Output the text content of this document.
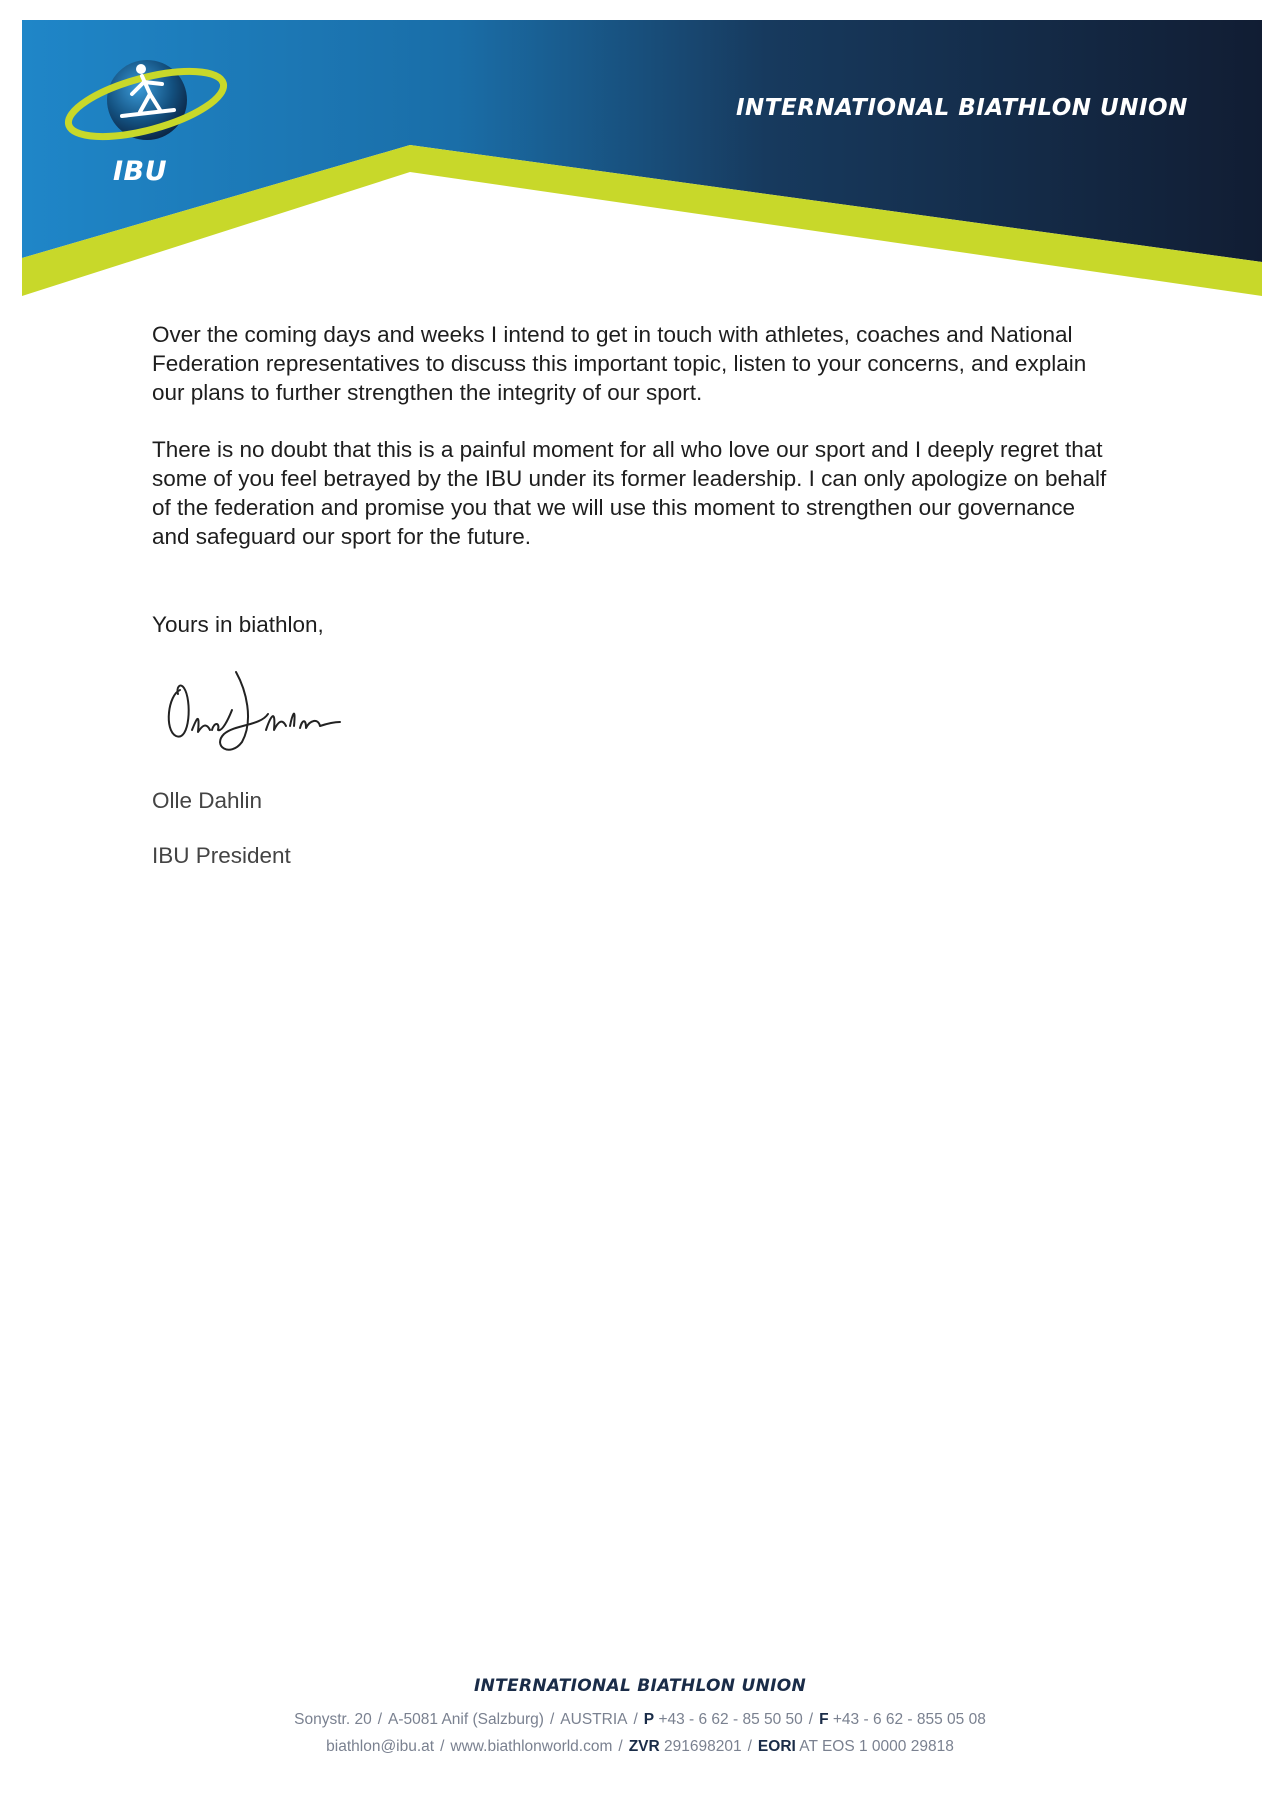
IBU
INTERNATIONAL BIATHLON UNION

Over the coming days and weeks I intend to get in touch with athletes, coaches and National Federation representatives to discuss this important topic, listen to your concerns, and explain our plans to further strengthen the integrity of our sport.

There is no doubt that this is a painful moment for all who love our sport and I deeply regret that some of you feel betrayed by the IBU under its former leadership. I can only apologize on behalf of the federation and promise you that we will use this moment to strengthen our governance and safeguard our sport for the future.

Yours in biathlon,
Olle Dahlin
IBU President
INTERNATIONAL BIATHLON UNION
Sonystr. 20 / A-5081 Anif (Salzburg) / AUSTRIA / P +43 - 6 62 - 85 50 50 / F +43 - 6 62 - 855 05 08
biathlon@ibu.at / www.biathlonworld.com / ZVR 291698201 / EORI AT EOS 1 0000 29818
